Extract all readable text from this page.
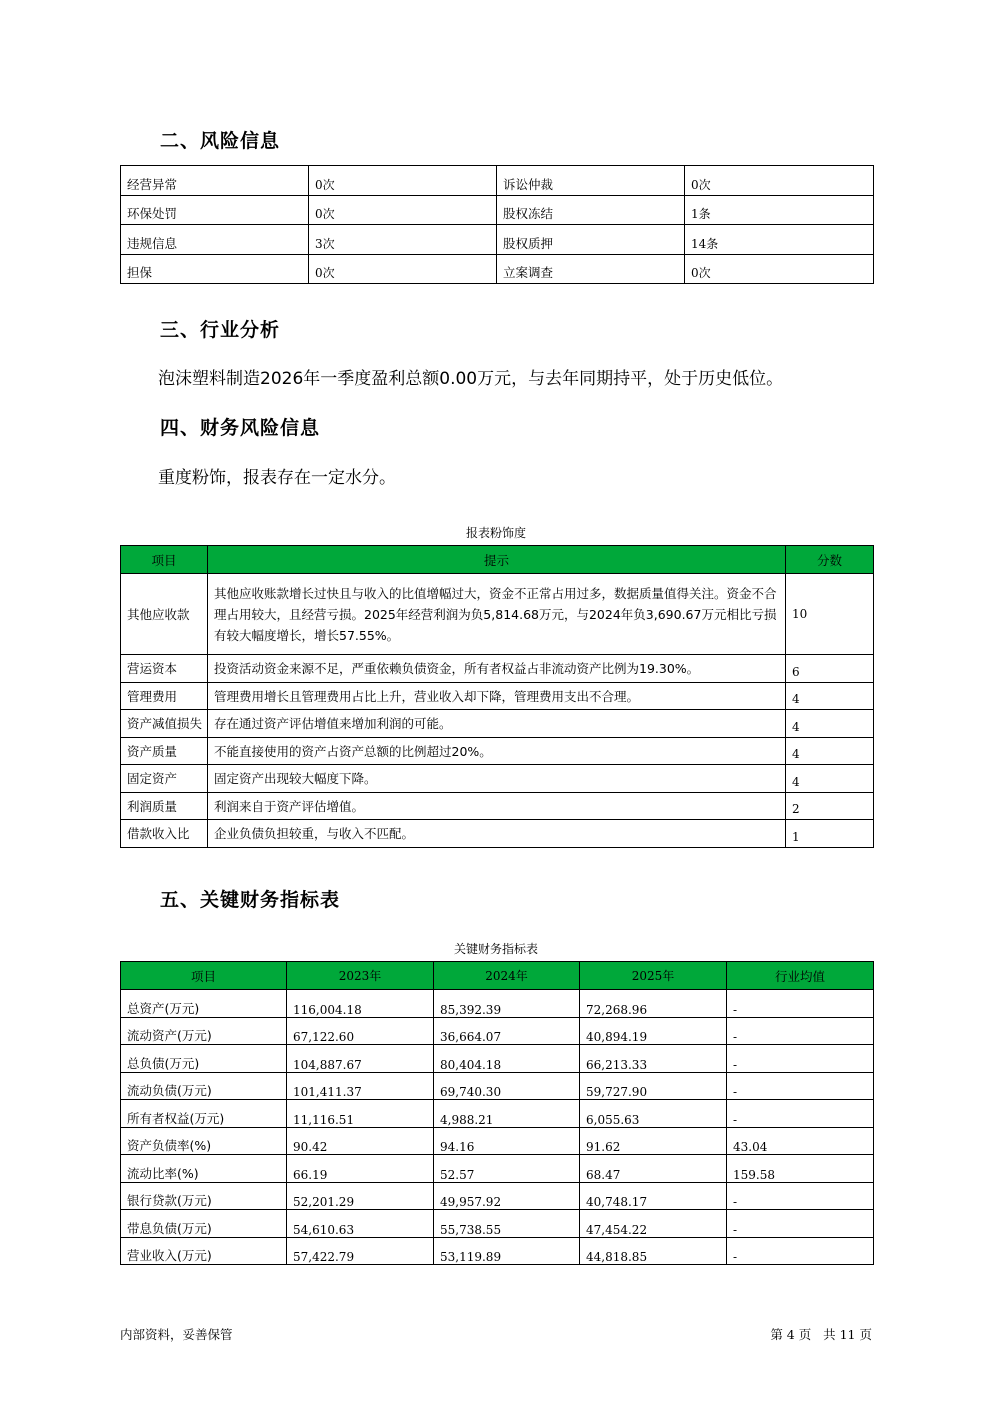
二、风险信息
经营异常	0次	诉讼仲裁	0次
环保处罚	0次	股权冻结	1条
违规信息	3次	股权质押	14条
担保	0次	立案调查	0次
三、行业分析
泡沫塑料制造2026年一季度盈利总额0.00万元，与去年同期持平，处于历史低位。
四、财务风险信息
重度粉饰，报表存在一定水分。
报表粉饰度
项目	提示	分数
其他应收款	其他应收账款增长过快且与收入的比值增幅过大，资金不正常占用过多，数据质量值得关注。资金不合理占用较大，且经营亏损。2025年经营利润为负5,814.68万元，与2024年负3,690.67万元相比亏损有较大幅度增长，增长57.55%。	10
营运资本	投资活动资金来源不足，严重依赖负债资金，所有者权益占非流动资产比例为19.30%。	6
管理费用	管理费用增长且管理费用占比上升，营业收入却下降，管理费用支出不合理。	4
资产减值损失	存在通过资产评估增值来增加利润的可能。	4
资产质量	不能直接使用的资产占资产总额的比例超过20%。	4
固定资产	固定资产出现较大幅度下降。	4
利润质量	利润来自于资产评估增值。	2
借款收入比	企业负债负担较重，与收入不匹配。	1
五、关键财务指标表
关键财务指标表
项目	2023年	2024年	2025年	行业均值
总资产(万元)	116,004.18	85,392.39	72,268.96	-
流动资产(万元)	67,122.60	36,664.07	40,894.19	-
总负债(万元)	104,887.67	80,404.18	66,213.33	-
流动负债(万元)	101,411.37	69,740.30	59,727.90	-
所有者权益(万元)	11,116.51	4,988.21	6,055.63	-
资产负债率(%)	90.42	94.16	91.62	43.04
流动比率(%)	66.19	52.57	68.47	159.58
银行贷款(万元)	52,201.29	49,957.92	40,748.17	-
带息负债(万元)	54,610.63	55,738.55	47,454.22	-
营业收入(万元)	57,422.79	53,119.89	44,818.85	-
内部资料，妥善保管	第 4 页   共 11 页
